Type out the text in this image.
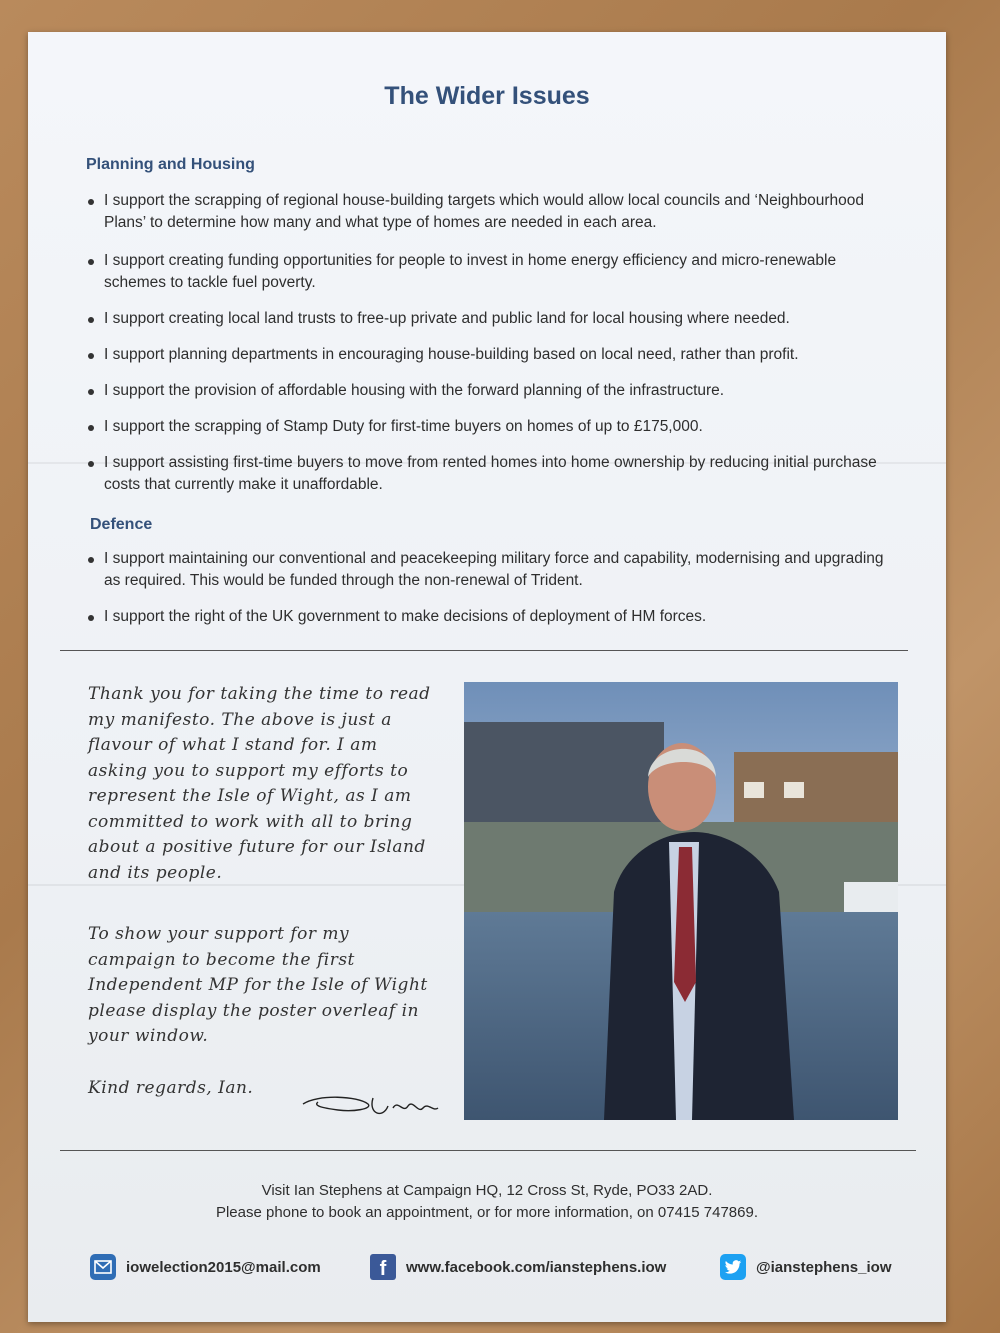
The Wider Issues
Planning and Housing
I support the scrapping of regional house-building targets which would allow local councils and ‘Neighbourhood Plans’ to determine how many and what type of homes are needed in each area.
I support creating funding opportunities for people to invest in home energy efficiency and micro-renewable schemes to tackle fuel poverty.
I support creating local land trusts to free-up private and public land for local housing where needed.
I support planning departments in encouraging house-building based on local need, rather than profit.
I support the provision of affordable housing with the forward planning of the infrastructure.
I support the scrapping of Stamp Duty for first-time buyers on homes of up to £175,000.
I support assisting first-time buyers to move from rented homes into home ownership by reducing initial purchase costs that currently make it unaffordable.
Defence
I support maintaining our conventional and peacekeeping military force and capability, modernising and upgrading as required. This would be funded through the non-renewal of Trident.
I support the right of the UK government to make decisions of deployment of HM forces.
Thank you for taking the time to read my manifesto. The above is just a flavour of what I stand for. I am asking you to support my efforts to represent the Isle of Wight, as I am committed to work with all to bring about a positive future for our Island and its people.
To show your support for my campaign to become the first Independent MP for the Isle of Wight please display the poster overleaf in your window.
Kind regards, Ian.
Visit Ian Stephens at Campaign HQ, 12 Cross St, Ryde, PO33 2AD.
Please phone to book an appointment, or for more information, on 07415 747869.
iowelection2015@mail.com	f www.facebook.com/ianstephens.iow	@ianstephens_iow
